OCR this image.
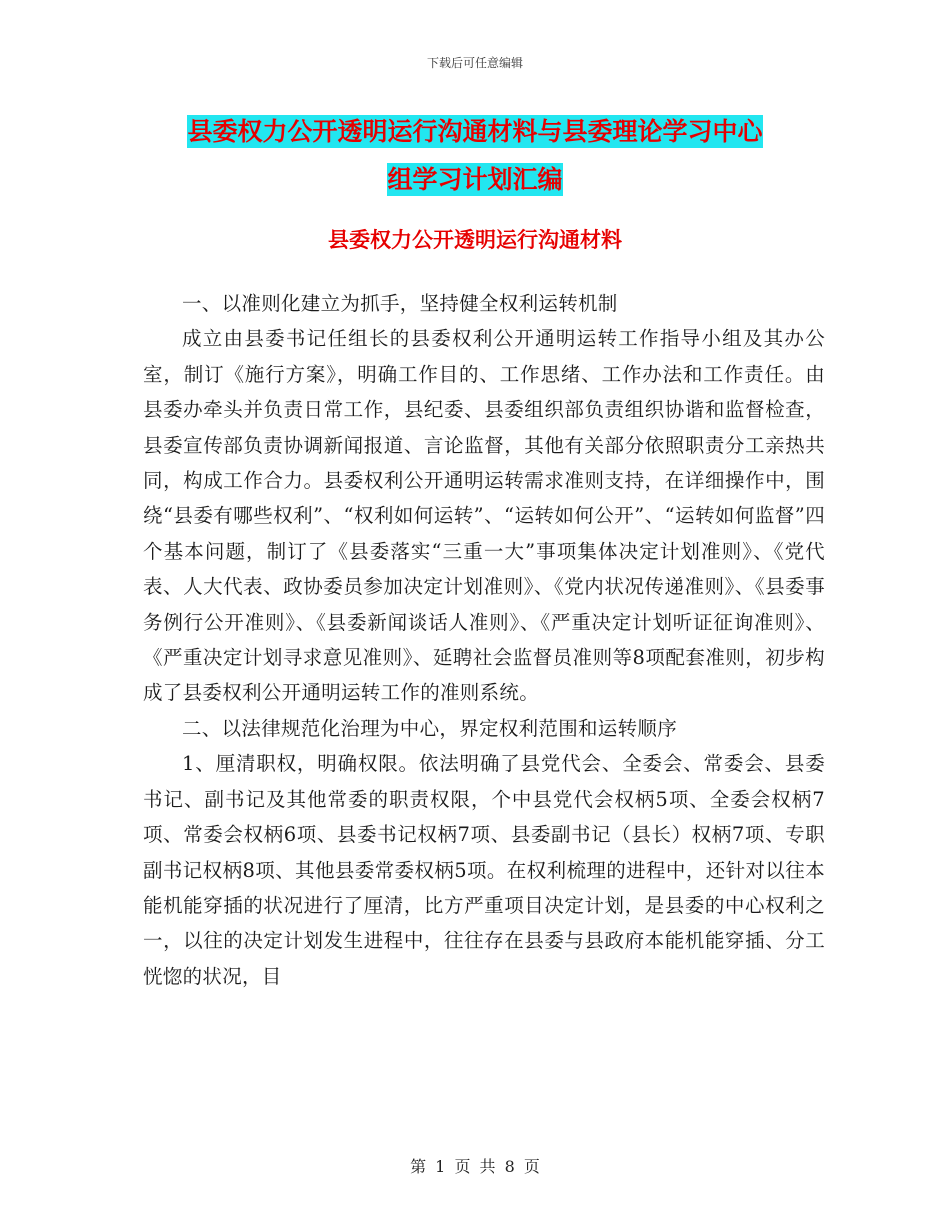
下载后可任意编辑
县委权力公开透明运行沟通材料与县委理论学习中心
组学习计划汇编
县委权力公开透明运行沟通材料

一、以准则化建立为抓手，坚持健全权利运转机制

成立由县委书记任组长的县委权利公开通明运转工作指导小组及其办公室，制订《施行方案》，明确工作目的、工作思绪、工作办法和工作责任。由县委办牵头并负责日常工作，县纪委、县委组织部负责组织协谐和监督检查，县委宣传部负责协调新闻报道、言论监督，其他有关部分依照职责分工亲热共同，构成工作合力。县委权利公开通明运转需求准则支持，在详细操作中，围绕“县委有哪些权利”、“权利如何运转”、“运转如何公开”、“运转如何监督”四个基本问题，制订了《县委落实“三重一大”事项集体决定计划准则》、《党代表、人大代表、政协委员参加决定计划准则》、《党内状况传递准则》、《县委事务例行公开准则》、《县委新闻谈话人准则》、《严重决定计划听证征询准则》、《严重决定计划寻求意见准则》、延聘社会监督员准则等8项配套准则，初步构成了县委权利公开通明运转工作的准则系统。

二、以法律规范化治理为中心，界定权利范围和运转顺序

1、厘清职权，明确权限。依法明确了县党代会、全委会、常委会、县委书记、副书记及其他常委的职责权限，个中县党代会权柄5项、全委会权柄7项、常委会权柄6项、县委书记权柄7项、县委副书记（县长）权柄7项、专职副书记权柄8项、其他县委常委权柄5项。在权利梳理的进程中，还针对以往本能机能穿插的状况进行了厘清，比方严重项目决定计划，是县委的中心权利之一，以往的决定计划发生进程中，往往存在县委与县政府本能机能穿插、分工恍惚的状况，目

第 1 页 共 8 页
